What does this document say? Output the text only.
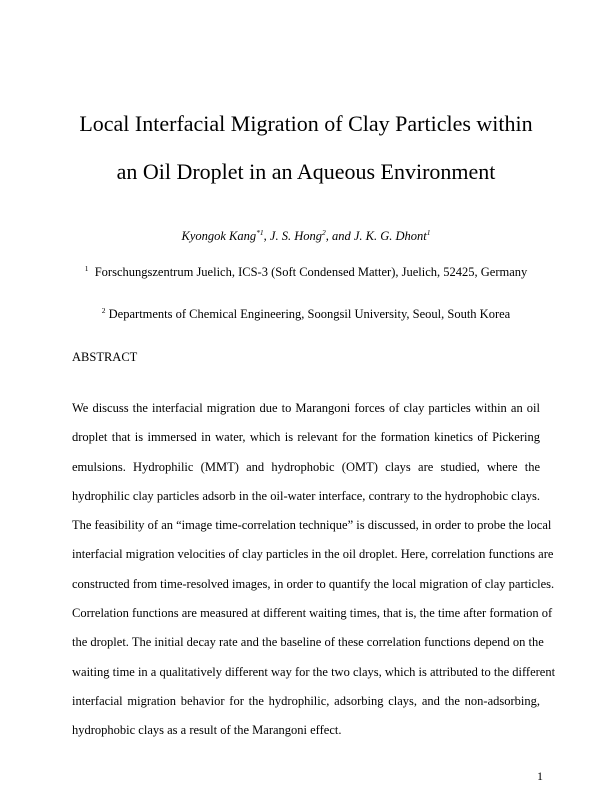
Local Interfacial Migration of Clay Particles within
an Oil Droplet in an Aqueous Environment
Kyongok Kang$^{*1}$, J. S. Hong$^2$, and J. K. G. Dhont$^1$
$^1$ Forschungszentrum Juelich, ICS-3 (Soft Condensed Matter), Juelich, 52425, Germany
$^2$ Departments of Chemical Engineering, Soongsil University, Seoul, South Korea
ABSTRACT
We discuss the interfacial migration due to Marangoni forces of clay particles within an oil
droplet that is immersed in water, which is relevant for the formation kinetics of Pickering
emulsions. Hydrophilic (MMT) and hydrophobic (OMT) clays are studied, where the
hydrophilic clay particles adsorb in the oil-water interface, contrary to the hydrophobic clays.
The feasibility of an “image time-correlation technique” is discussed, in order to probe the local
interfacial migration velocities of clay particles in the oil droplet. Here, correlation functions are
constructed from time-resolved images, in order to quantify the local migration of clay particles.
Correlation functions are measured at different waiting times, that is, the time after formation of
the droplet. The initial decay rate and the baseline of these correlation functions depend on the
waiting time in a qualitatively different way for the two clays, which is attributed to the different
interfacial migration behavior for the hydrophilic, adsorbing clays, and the non-adsorbing,
hydrophobic clays as a result of the Marangoni effect.
1
